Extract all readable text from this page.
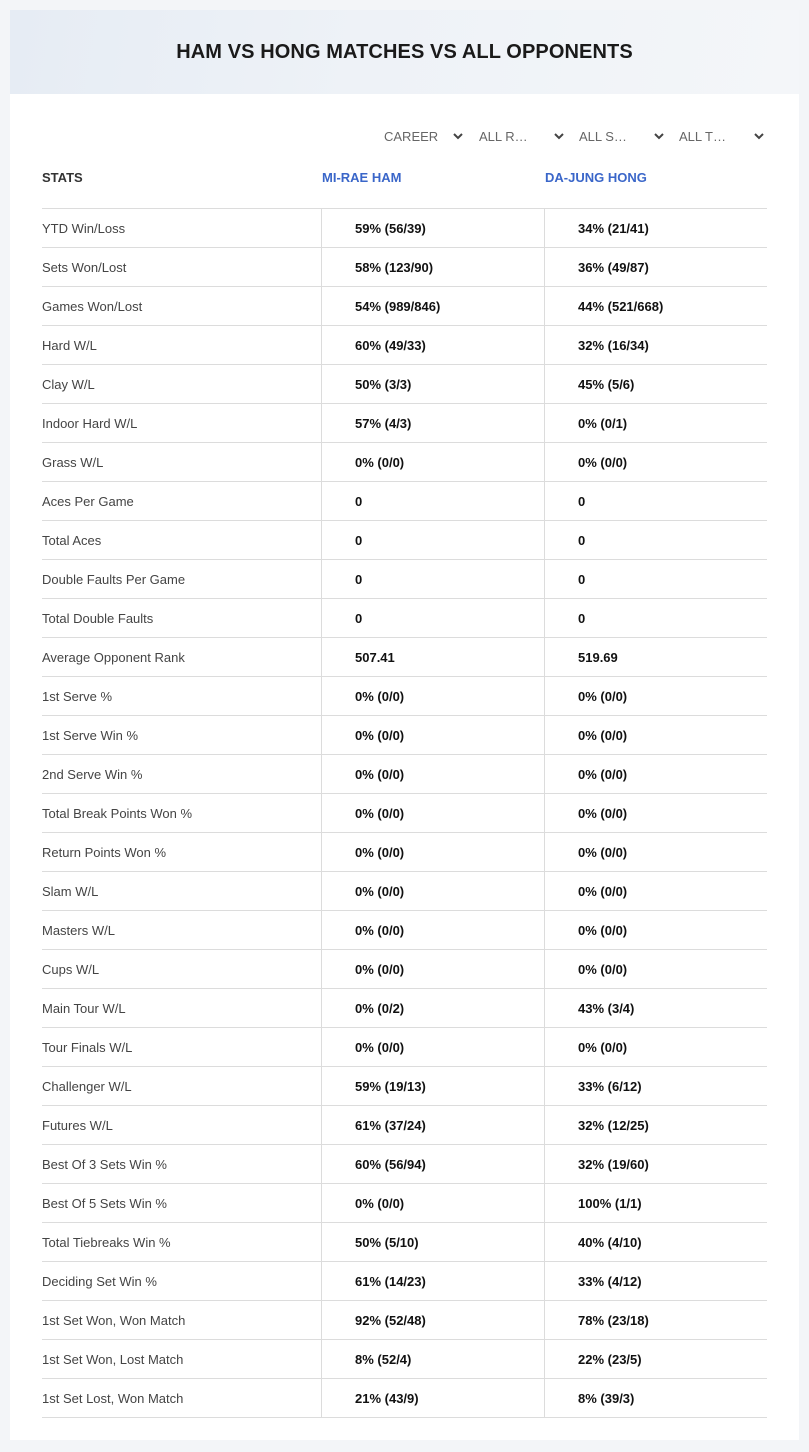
HAM VS HONG MATCHES VS ALL OPPONENTS
CAREER	ALL R…	ALL S…	ALL T…
STATS	MI-RAE HAM	DA-JUNG HONG
YTD Win/Loss	59% (56/39)	34% (21/41)
Sets Won/Lost	58% (123/90)	36% (49/87)
Games Won/Lost	54% (989/846)	44% (521/668)
Hard W/L	60% (49/33)	32% (16/34)
Clay W/L	50% (3/3)	45% (5/6)
Indoor Hard W/L	57% (4/3)	0% (0/1)
Grass W/L	0% (0/0)	0% (0/0)
Aces Per Game	0	0
Total Aces	0	0
Double Faults Per Game	0	0
Total Double Faults	0	0
Average Opponent Rank	507.41	519.69
1st Serve %	0% (0/0)	0% (0/0)
1st Serve Win %	0% (0/0)	0% (0/0)
2nd Serve Win %	0% (0/0)	0% (0/0)
Total Break Points Won %	0% (0/0)	0% (0/0)
Return Points Won %	0% (0/0)	0% (0/0)
Slam W/L	0% (0/0)	0% (0/0)
Masters W/L	0% (0/0)	0% (0/0)
Cups W/L	0% (0/0)	0% (0/0)
Main Tour W/L	0% (0/2)	43% (3/4)
Tour Finals W/L	0% (0/0)	0% (0/0)
Challenger W/L	59% (19/13)	33% (6/12)
Futures W/L	61% (37/24)	32% (12/25)
Best Of 3 Sets Win %	60% (56/94)	32% (19/60)
Best Of 5 Sets Win %	0% (0/0)	100% (1/1)
Total Tiebreaks Win %	50% (5/10)	40% (4/10)
Deciding Set Win %	61% (14/23)	33% (4/12)
1st Set Won, Won Match	92% (52/48)	78% (23/18)
1st Set Won, Lost Match	8% (52/4)	22% (23/5)
1st Set Lost, Won Match	21% (43/9)	8% (39/3)
